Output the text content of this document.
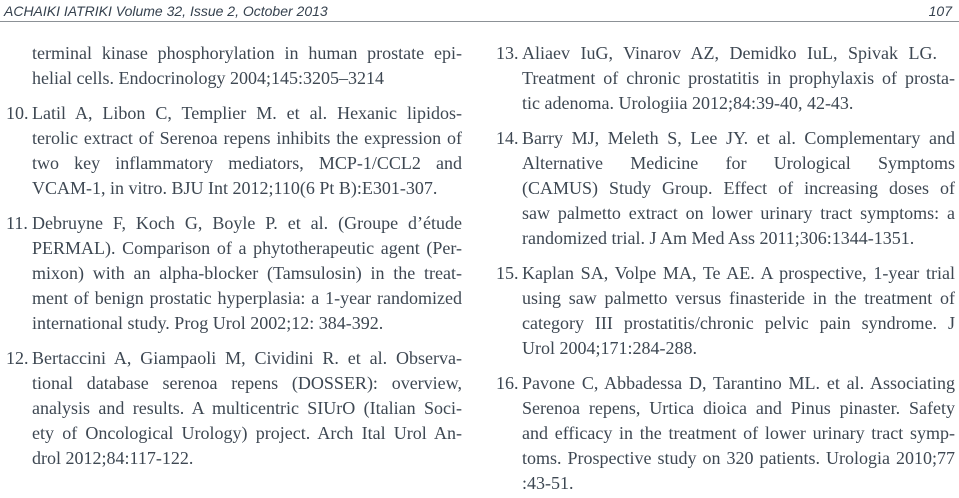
ACHAIKI IATRIKI Volume 32, Issue 2, October 2013	107
terminal kinase phosphorylation in human prostate epi-
helial cells. Endocrinology 2004;145:3205–3214
10. Latil A, Libon C, Templier M. et al. Hexanic lipidos-
terolic extract of Serenoa repens inhibits the expression of
two key inflammatory mediators, MCP-1/CCL2 and
VCAM-1, in vitro. BJU Int 2012;110(6 Pt B):E301-307.
11. Debruyne F, Koch G, Boyle P. et al. (Groupe d’étude
PERMAL). Comparison of a phytotherapeutic agent (Per-
mixon) with an alpha-blocker (Tamsulosin) in the treat-
ment of benign prostatic hyperplasia: a 1-year randomized
international study. Prog Urol 2002;12: 384-392.
12. Bertaccini A, Giampaoli M, Cividini R. et al. Observa-
tional database serenoa repens (DOSSER): overview,
analysis and results. A multicentric SIUrO (Italian Soci-
ety of Oncological Urology) project. Arch Ital Urol An-
drol 2012;84:117-122.
13. Aliaev IuG, Vinarov AZ, Demidko IuL, Spivak LG.
Treatment of chronic prostatitis in prophylaxis of prosta-
tic adenoma. Urologiia 2012;84:39-40, 42-43.
14. Barry MJ, Meleth S, Lee JY. et al. Complementary and
Alternative Medicine for Urological Symptoms
(CAMUS) Study Group. Effect of increasing doses of
saw palmetto extract on lower urinary tract symptoms: a
randomized trial. J Am Med Ass 2011;306:1344-1351.
15. Kaplan SA, Volpe MA, Te AE. A prospective, 1-year trial
using saw palmetto versus finasteride in the treatment of
category III prostatitis/chronic pelvic pain syndrome. J
Urol 2004;171:284-288.
16. Pavone C, Abbadessa D, Tarantino ML. et al. Associating
Serenoa repens, Urtica dioica and Pinus pinaster. Safety
and efficacy in the treatment of lower urinary tract symp-
toms. Prospective study on 320 patients. Urologia 2010;77
:43-51.
